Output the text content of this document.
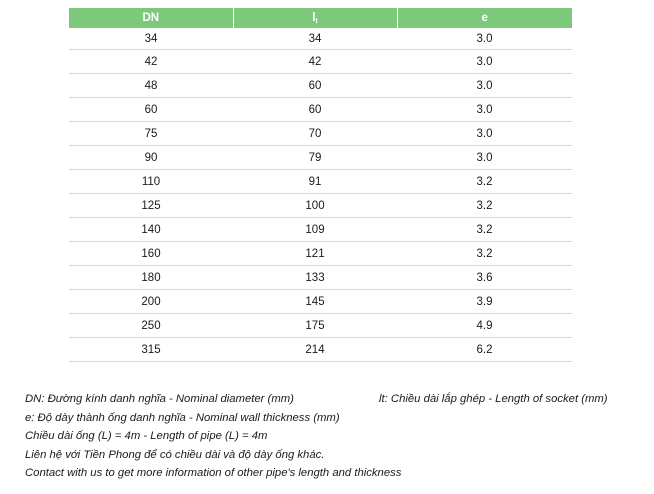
DN	$l_t$	e
34	34	3.0
42	42	3.0
48	60	3.0
60	60	3.0
75	70	3.0
90	79	3.0
110	91	3.2
125	100	3.2
140	109	3.2
160	121	3.2
180	133	3.6
200	145	3.9
250	175	4.9
315	214	6.2
DN: Đường kính danh nghĩa - Nominal diameter (mm)	lt: Chiều dài lắp ghép - Length of socket (mm)
e: Độ dày thành ống danh nghĩa - Nominal wall thickness (mm)
Chiều dài ống (L) = 4m - Length of pipe (L) = 4m
Liên hệ với Tiền Phong để có chiều dài và độ dày ống khác.
Contact with us to get more information of other pipe's length and thickness
